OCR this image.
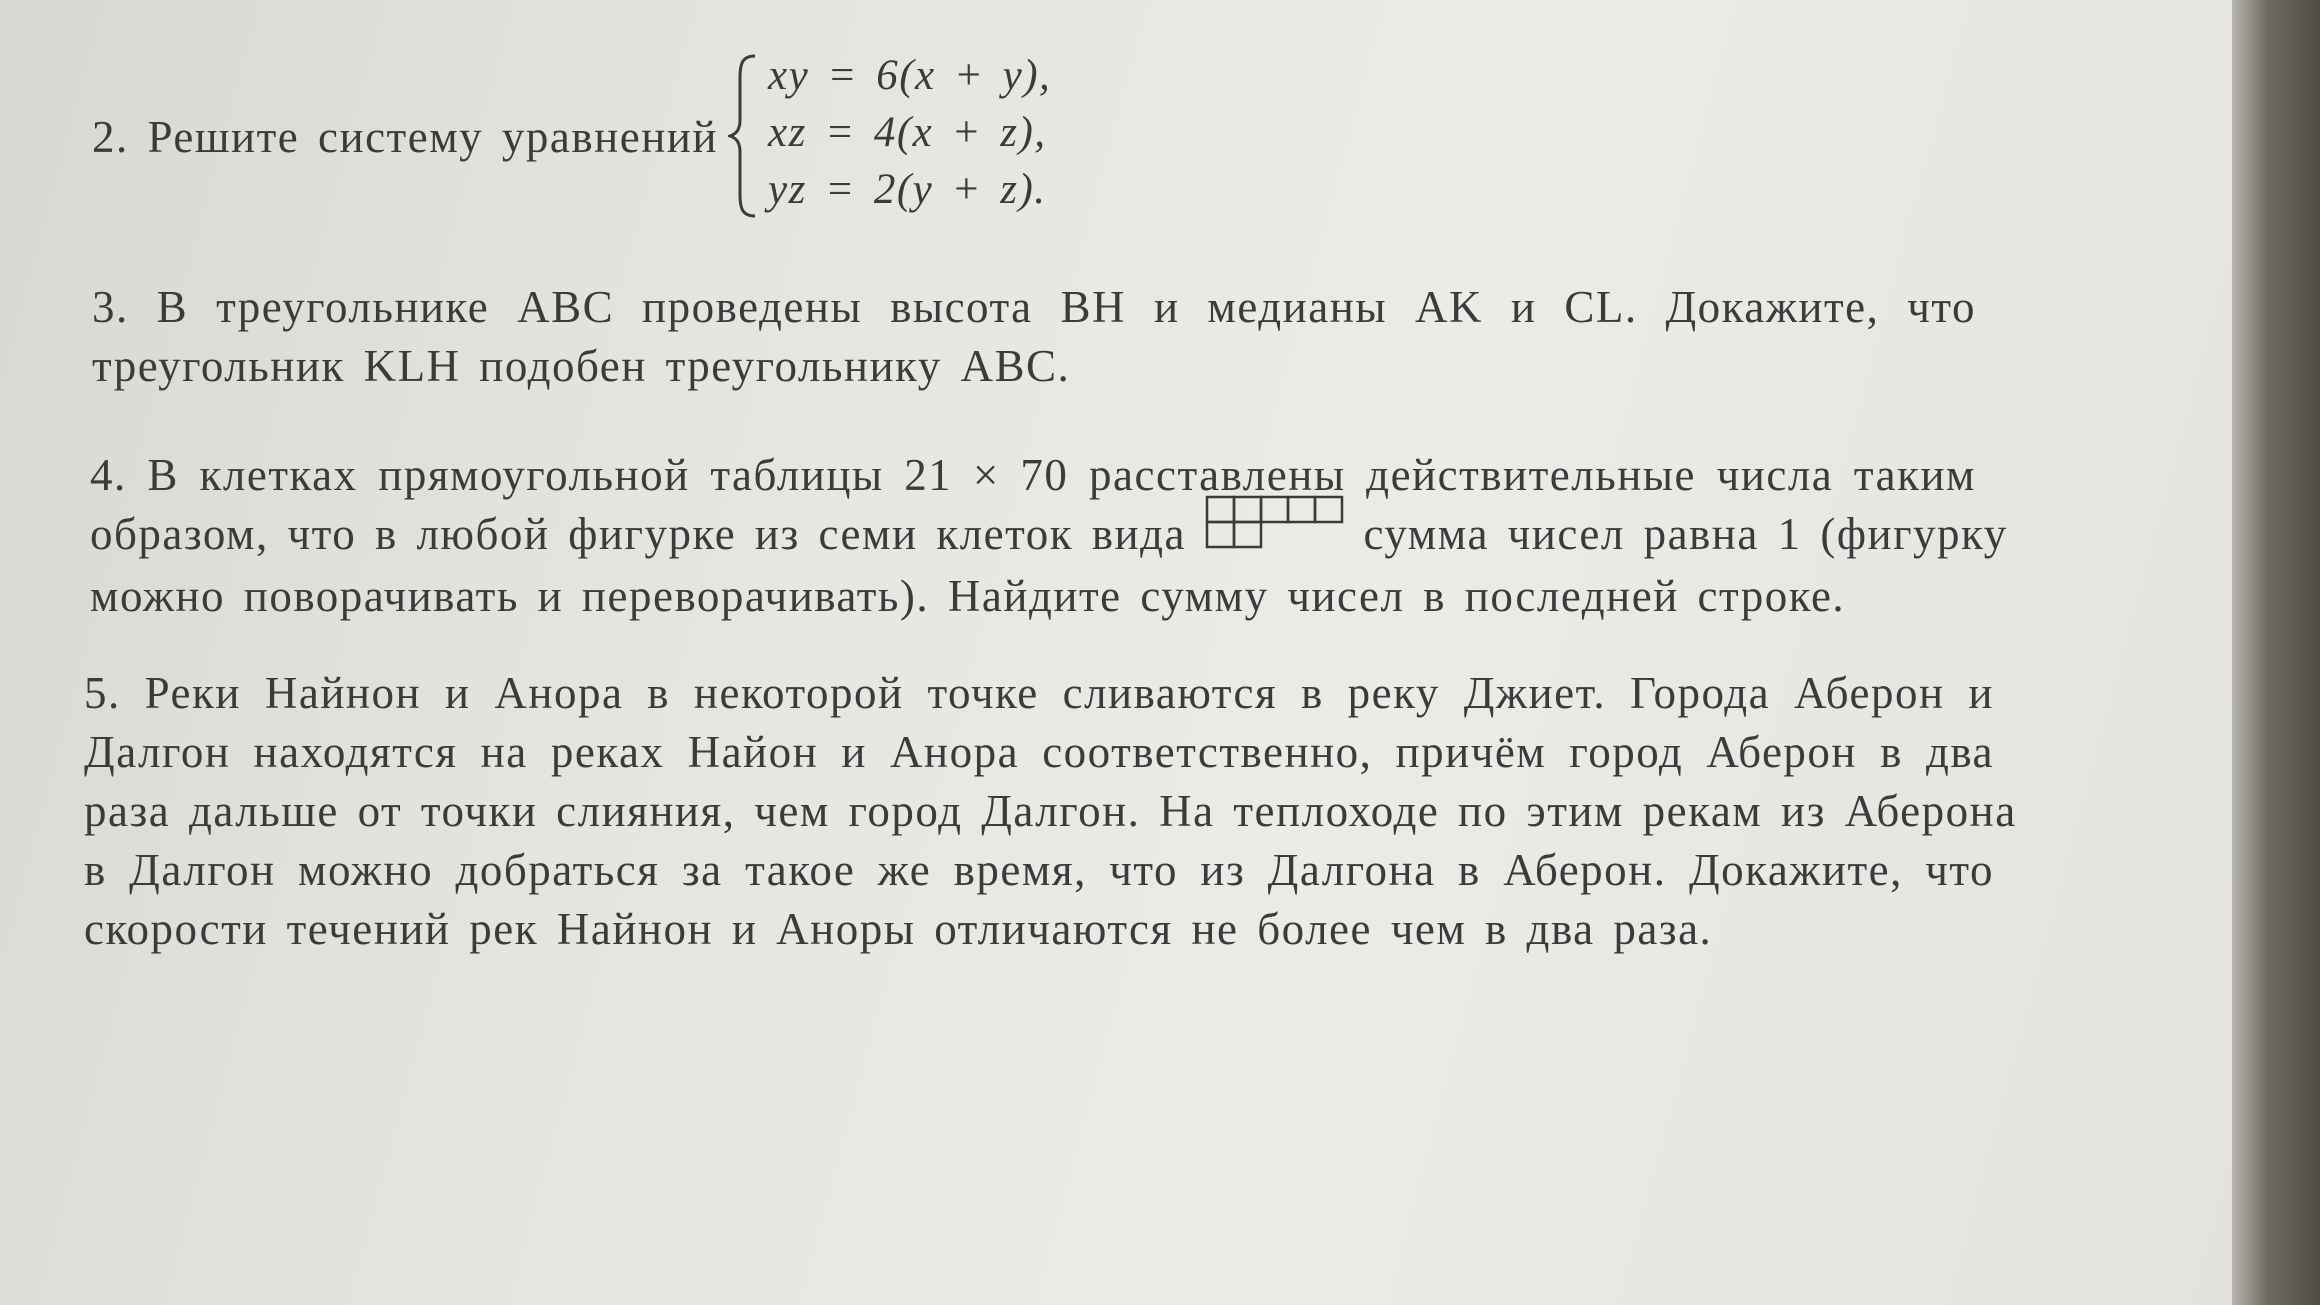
2. Решите систему уравнений
xy = 6(x + y),
xz = 4(x + z),
yz = 2(y + z).
3. В треугольнике ABC проведены высота BH и медианы AK и CL. Докажите, что
треугольник KLH подобен треугольнику ABC.
4. В клетках прямоугольной таблицы 21 × 70 расставлены действительные числа таким
образом, что в любой фигурке из семи клеток вида	сумма чисел равна 1 (фигурку
можно поворачивать и переворачивать). Найдите сумму чисел в последней строке.
5. Реки Найнон и Анора в некоторой точке сливаются в реку Джиет. Города Аберон и
Далгон находятся на реках Найон и Анора соответственно, причём город Аберон в два
раза дальше от точки слияния, чем город Далгон. На теплоходе по этим рекам из Аберона
в Далгон можно добраться за такое же время, что из Далгона в Аберон. Докажите, что
скорости течений рек Найнон и Аноры отличаются не более чем в два раза.
